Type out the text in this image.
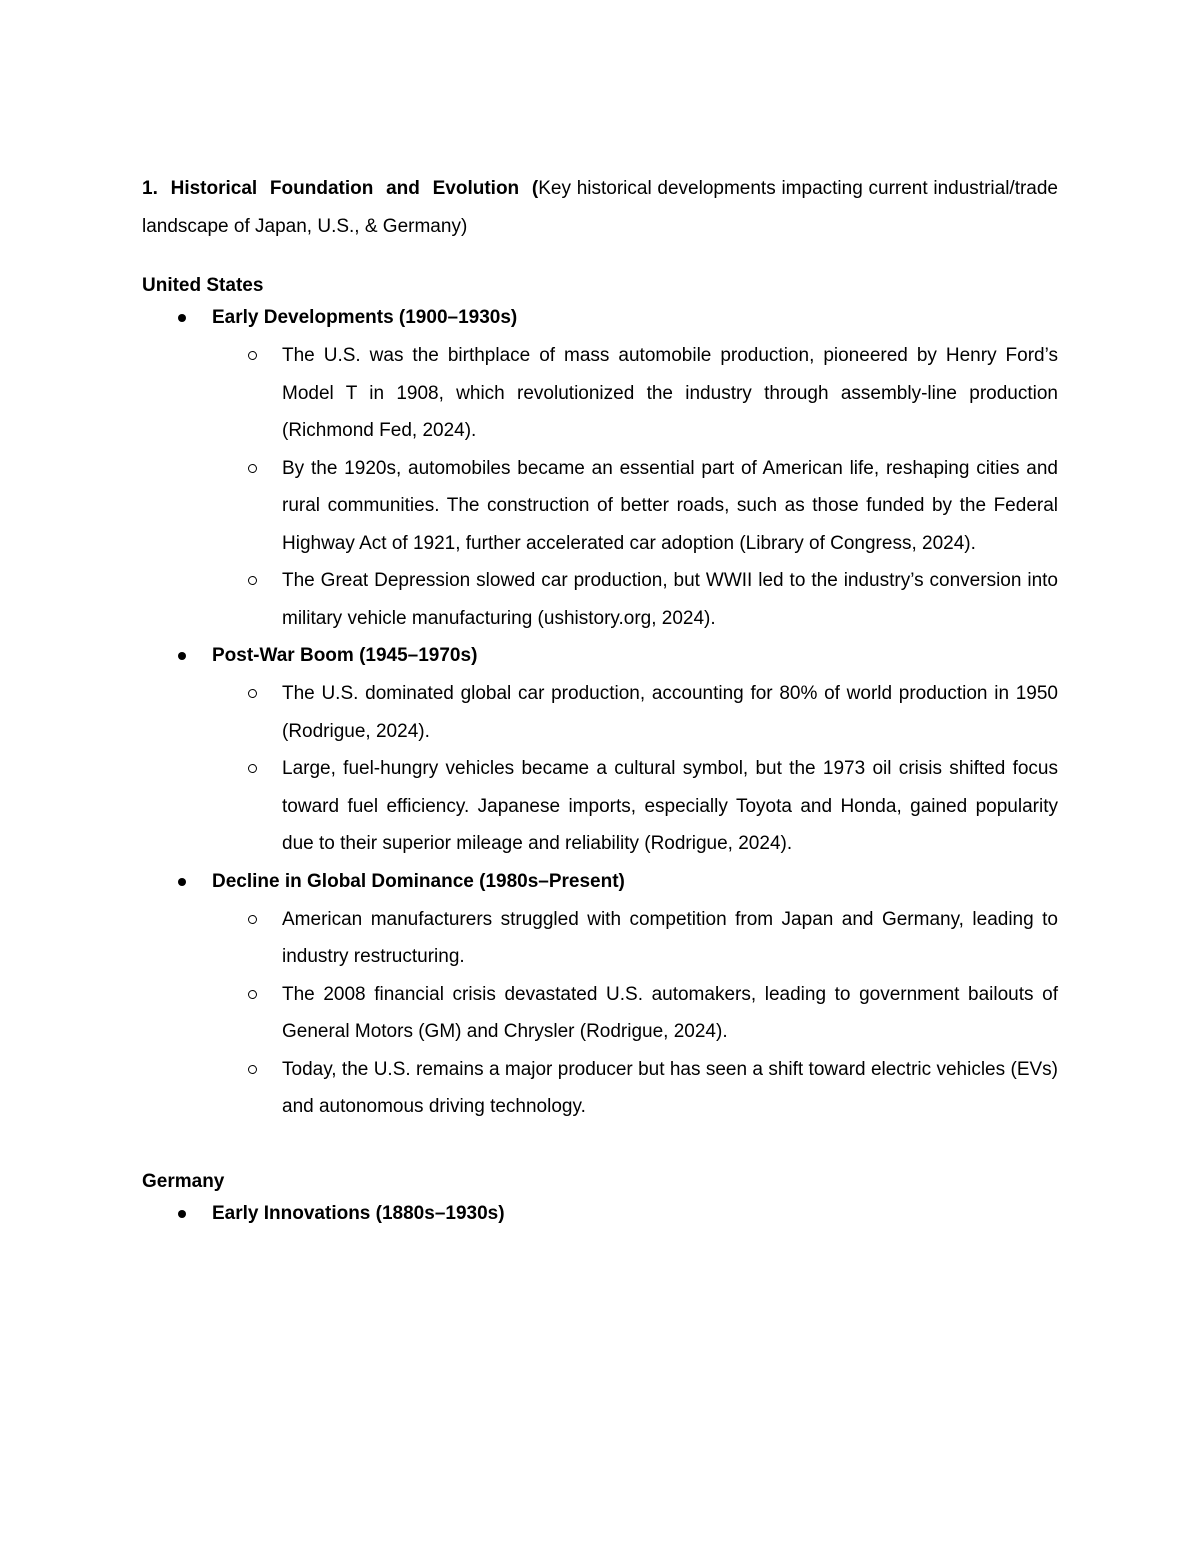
1. Historical Foundation and Evolution (Key historical developments impacting current industrial/trade landscape of Japan, U.S., & Germany)

United States

Early Developments (1900–1930s)
The U.S. was the birthplace of mass automobile production, pioneered by Henry Ford’s Model T in 1908, which revolutionized the industry through assembly-line production (Richmond Fed, 2024).
By the 1920s, automobiles became an essential part of American life, reshaping cities and rural communities. The construction of better roads, such as those funded by the Federal Highway Act of 1921, further accelerated car adoption (Library of Congress, 2024).
The Great Depression slowed car production, but WWII led to the industry’s conversion into military vehicle manufacturing (ushistory.org, 2024).
Post-War Boom (1945–1970s)
The U.S. dominated global car production, accounting for 80% of world production in 1950 (Rodrigue, 2024).
Large, fuel-hungry vehicles became a cultural symbol, but the 1973 oil crisis shifted focus toward fuel efficiency. Japanese imports, especially Toyota and Honda, gained popularity due to their superior mileage and reliability (Rodrigue, 2024).
Decline in Global Dominance (1980s–Present)
American manufacturers struggled with competition from Japan and Germany, leading to industry restructuring.
The 2008 financial crisis devastated U.S. automakers, leading to government bailouts of General Motors (GM) and Chrysler (Rodrigue, 2024).
Today, the U.S. remains a major producer but has seen a shift toward electric vehicles (EVs) and autonomous driving technology.

Germany

Early Innovations (1880s–1930s)
